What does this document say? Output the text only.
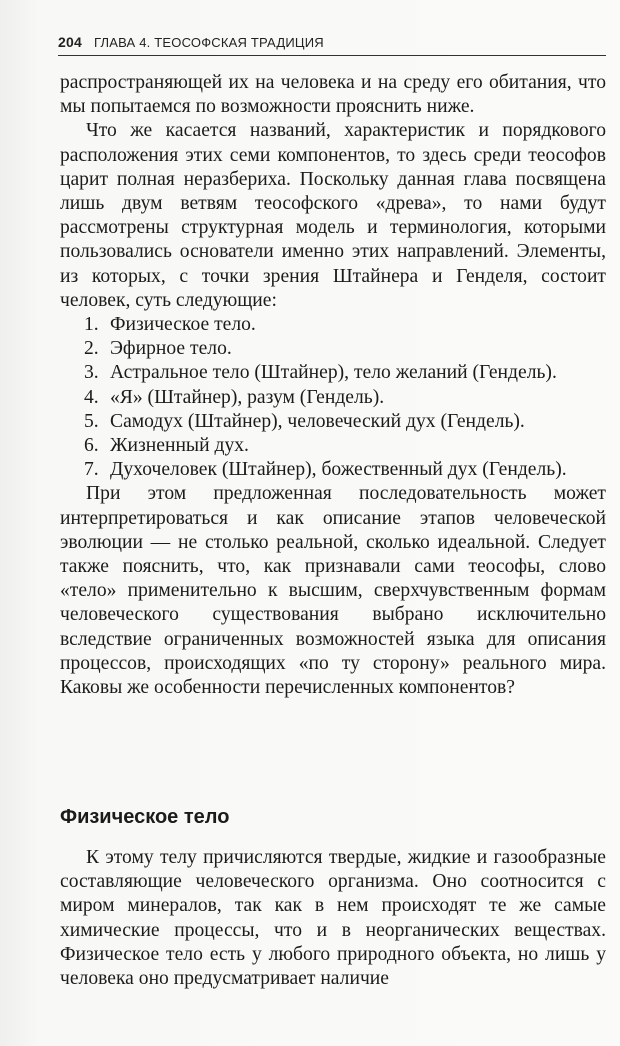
204 ГЛАВА 4. ТЕОСОФСКАЯ ТРАДИЦИЯ

распространяющей их на человека и на среду его обитания, что мы попытаемся по возможности прояснить ниже.

Что же касается названий, характеристик и порядкового расположения этих семи компонентов, то здесь среди теософов царит полная неразбериха. Поскольку данная глава посвящена лишь двум ветвям теософского «древа», то нами будут рассмотрены структурная модель и терминология, которыми пользовались основатели именно этих направлений. Элементы, из которых, с точки зрения Штайнера и Генделя, состоит человек, суть следующие:

1. Физическое тело.
2. Эфирное тело.
3. Астральное тело (Штайнер), тело желаний (Гендель).
4. «Я» (Штайнер), разум (Гендель).
5. Самодух (Штайнер), человеческий дух (Гендель).
6. Жизненный дух.
7. Духочеловек (Штайнер), божественный дух (Гендель).

При этом предложенная последовательность может интерпретироваться и как описание этапов человеческой эволюции — не столько реальной, сколько идеальной. Следует также пояснить, что, как признавали сами теософы, слово «тело» применительно к высшим, сверхчувственным формам человеческого существования выбрано исключительно вследствие ограниченных возможностей языка для описания процессов, происходящих «по ту сторону» реального мира. Каковы же особенности перечисленных компонентов?

Физическое тело

К этому телу причисляются твердые, жидкие и газообразные составляющие человеческого организма. Оно соотносится с миром минералов, так как в нем происходят те же самые химические процессы, что и в неорганических веществах. Физическое тело есть у любого природного объекта, но лишь у человека оно предусматривает наличие
